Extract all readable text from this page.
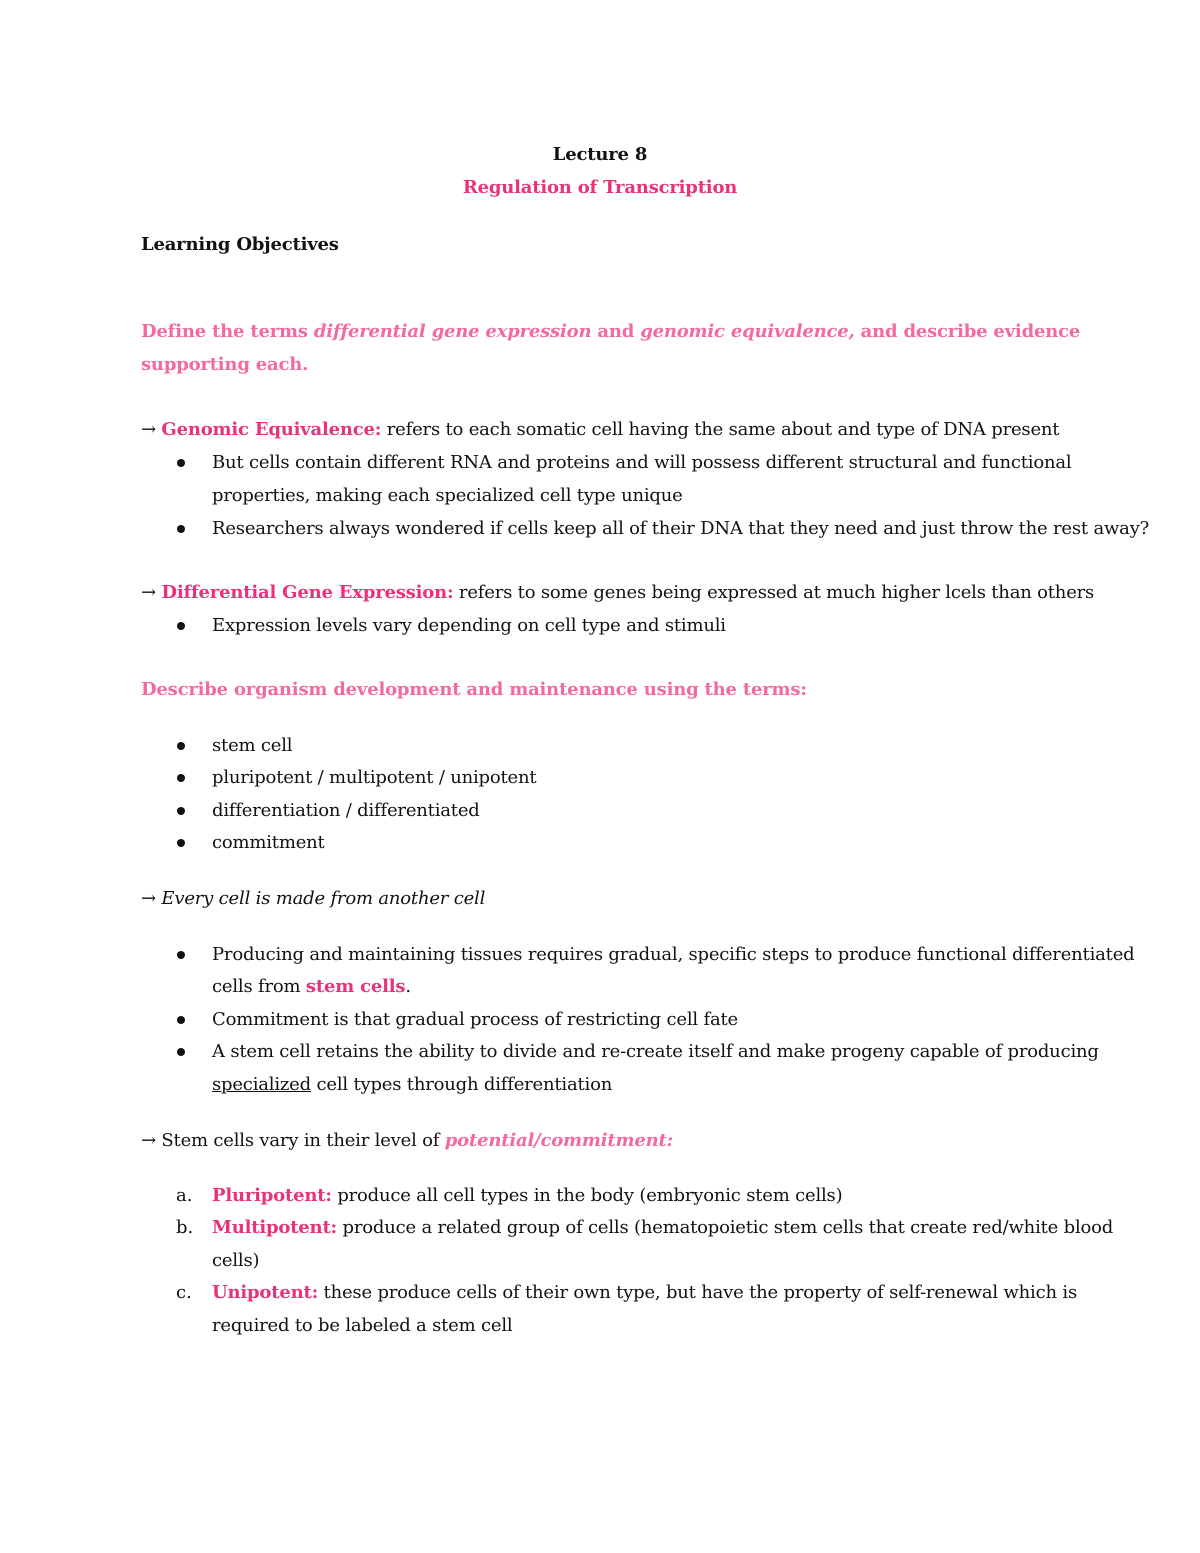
Lecture 8
Regulation of Transcription
Learning Objectives
Define the terms differential gene expression and genomic equivalence, and describe evidence
supporting each.
→ Genomic Equivalence: refers to each somatic cell having the same about and type of DNA present
But cells contain different RNA and proteins and will possess different structural and functional
properties, making each specialized cell type unique
Researchers always wondered if cells keep all of their DNA that they need and just throw the rest away?
→ Differential Gene Expression: refers to some genes being expressed at much higher lcels than others
Expression levels vary depending on cell type and stimuli
Describe organism development and maintenance using the terms:
stem cell
pluripotent / multipotent / unipotent
differentiation / differentiated
commitment
→ Every cell is made from another cell
Producing and maintaining tissues requires gradual, specific steps to produce functional differentiated
cells from stem cells.
Commitment is that gradual process of restricting cell fate
A stem cell retains the ability to divide and re-create itself and make progeny capable of producing
specialized cell types through differentiation
→ Stem cells vary in their level of potential/commitment:
a. Pluripotent: produce all cell types in the body (embryonic stem cells)
b. Multipotent: produce a related group of cells (hematopoietic stem cells that create red/white blood
cells)
c. Unipotent: these produce cells of their own type, but have the property of self-renewal which is
required to be labeled a stem cell
